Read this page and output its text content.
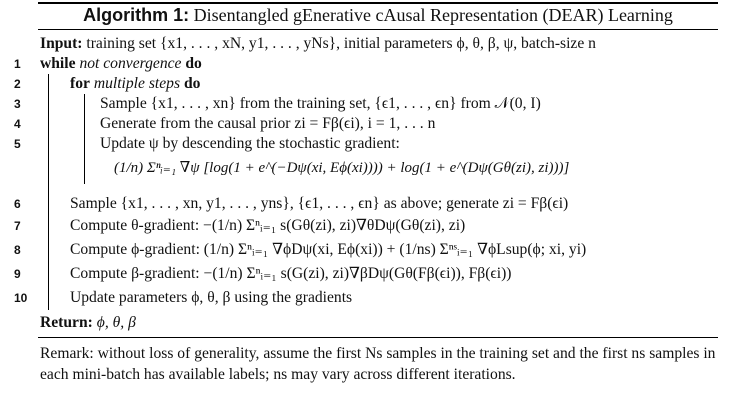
Algorithm 1: Disentangled gEnerative cAusal Representation (DEAR) Learning
Input: training set {x1, . . . , xN, y1, . . . , yNs}, initial parameters ϕ, θ, β, ψ, batch-size n
1	while not convergence do
2	for multiple steps do
3	Sample {x1, . . . , xn} from the training set, {ϵ1, . . . , ϵn} from 𝒩(0, I)
4	Generate from the causal prior zi = Fβ(ϵi), i = 1, . . . n
5	Update ψ by descending the stochastic gradient:
(1/n) Σⁿᵢ₌₁ ∇ψ [log(1 + e^(−Dψ(xi, Eϕ(xi)))) + log(1 + e^(Dψ(Gθ(zi), zi)))]
6	Sample {x1, . . . , xn, y1, . . . , yns}, {ϵ1, . . . , ϵn} as above; generate zi = Fβ(ϵi)
7	Compute θ-gradient: −(1/n) Σⁿᵢ₌₁ s(Gθ(zi), zi)∇θDψ(Gθ(zi), zi)
8	Compute ϕ-gradient: (1/n) Σⁿᵢ₌₁ ∇ϕDψ(xi, Eϕ(xi)) + (1/ns) Σⁿˢᵢ₌₁ ∇ϕLsup(ϕ; xi, yi)
9	Compute β-gradient: −(1/n) Σⁿᵢ₌₁ s(G(zi), zi)∇βDψ(Gθ(Fβ(ϵi)), Fβ(ϵi))
10	Update parameters ϕ, θ, β using the gradients
Return: ϕ, θ, β
Remark: without loss of generality, assume the first Ns samples in the training set and the first ns samples in each mini-batch has available labels; ns may vary across different iterations.
